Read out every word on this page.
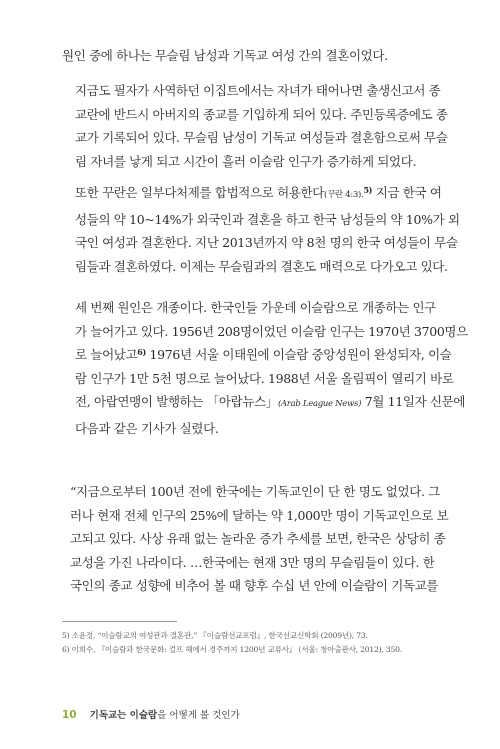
원인 중에 하나는 무슬림 남성과 기독교 여성 간의 결혼이었다.

지금도 필자가 사역하던 이집트에서는 자녀가 태어나면 출생신고서 종
교란에 반드시 아버지의 종교를 기입하게 되어 있다. 주민등록증에도 종
교가 기록되어 있다. 무슬림 남성이 기독교 여성들과 결혼함으로써 무슬
림 자녀를 낳게 되고 시간이 흘러 이슬람 인구가 증가하게 되었다.

또한 꾸란은 일부다처제를 합법적으로 허용한다(꾸란 4:3).$^{5)}$ 지금 한국 여
성들의 약 10~14%가 외국인과 결혼을 하고 한국 남성들의 약 10%가 외
국인 여성과 결혼한다. 지난 2013년까지 약 8천 명의 한국 여성들이 무슬
림들과 결혼하였다. 이제는 무슬림과의 결혼도 매력으로 다가오고 있다.

세 번째 원인은 개종이다. 한국인들 가운데 이슬람으로 개종하는 인구
가 늘어가고 있다. 1956년 208명이었던 이슬람 인구는 1970년 3700명으
로 늘어났고$^{6)}$ 1976년 서울 이태원에 이슬람 중앙성원이 완성되자, 이슬
람 인구가 1만 5천 명으로 늘어났다. 1988년 서울 올림픽이 열리기 바로
전, 아랍연맹이 발행하는 「아랍뉴스」(Arab League News) 7월 11일자 신문에
다음과 같은 기사가 실렸다.

“지금으로부터 100년 전에 한국에는 기독교인이 단 한 명도 없었다. 그
러나 현재 전체 인구의 25%에 달하는 약 1,000만 명이 기독교인으로 보
고되고 있다. 사상 유래 없는 놀라운 증가 추세를 보면, 한국은 상당히 종
교성을 가진 나라이다. …한국에는 현재 3만 명의 무슬림들이 있다. 한
국인의 종교 성향에 비추어 볼 때 향후 수십 년 안에 이슬람이 기독교를

5) 소윤정, “이슬람교의 여성관과 결혼관,” 『이슬람선교포럼』, 한국선교신학회 (2009년), 73.
6) 이희수, 『이슬람과 한국문화: 걸프 해에서 경주까지 1200년 교류사』 (서울: 청아출판사, 2012), 350.
10 기독교는 이슬람을 어떻게 볼 것인가
